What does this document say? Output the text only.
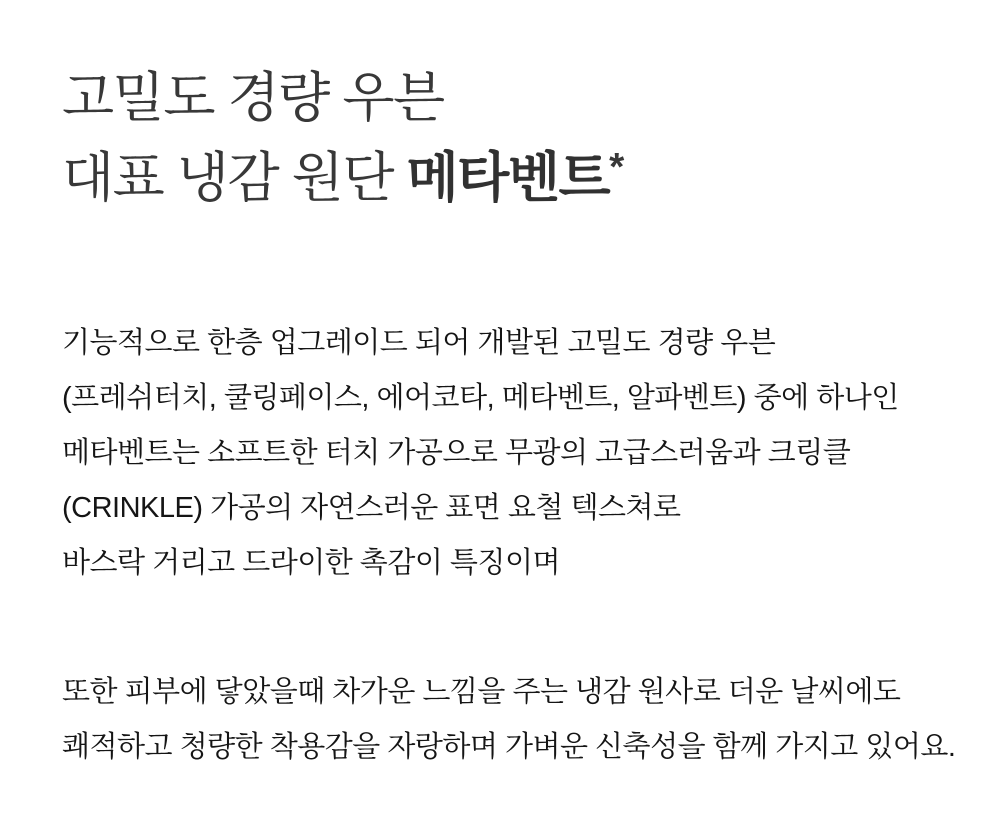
고밀도 경량 우븐
대표 냉감 원단 메타벤트*

기능적으로 한층 업그레이드 되어 개발된 고밀도 경량 우븐

(프레쉬터치, 쿨링페이스, 에어코타, 메타벤트, 알파벤트) 중에 하나인

메타벤트는 소프트한 터치 가공으로 무광의 고급스러움과 크링클

(CRINKLE) 가공의 자연스러운 표면 요철 텍스쳐로

바스락 거리고 드라이한 촉감이 특징이며

또한 피부에 닿았을때 차가운 느낌을 주는 냉감 원사로 더운 날씨에도

쾌적하고 청량한 착용감을 자랑하며 가벼운 신축성을 함께 가지고 있어요.
